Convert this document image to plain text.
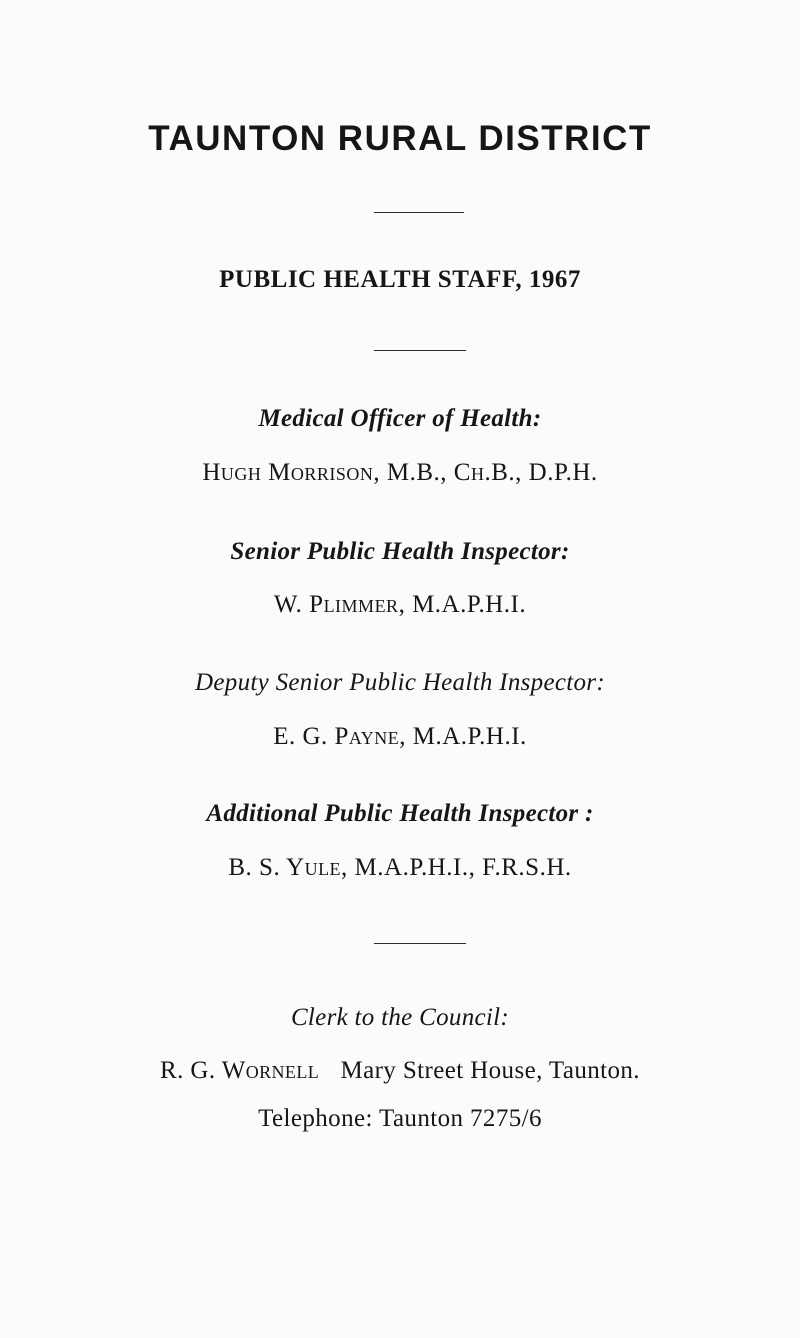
TAUNTON RURAL DISTRICT
PUBLIC HEALTH STAFF, 1967
Medical Officer of Health:
Hugh Morrison, M.B., Ch.B., D.P.H.
Senior Public Health Inspector:
W. Plimmer, M.A.P.H.I.
Deputy Senior Public Health Inspector:
E. G. Payne, M.A.P.H.I.
Additional Public Health Inspector :
B. S. Yule, M.A.P.H.I., F.R.S.H.
Clerk to the Council:
R. G. Wornell Mary Street House, Taunton.
Telephone: Taunton 7275/6
